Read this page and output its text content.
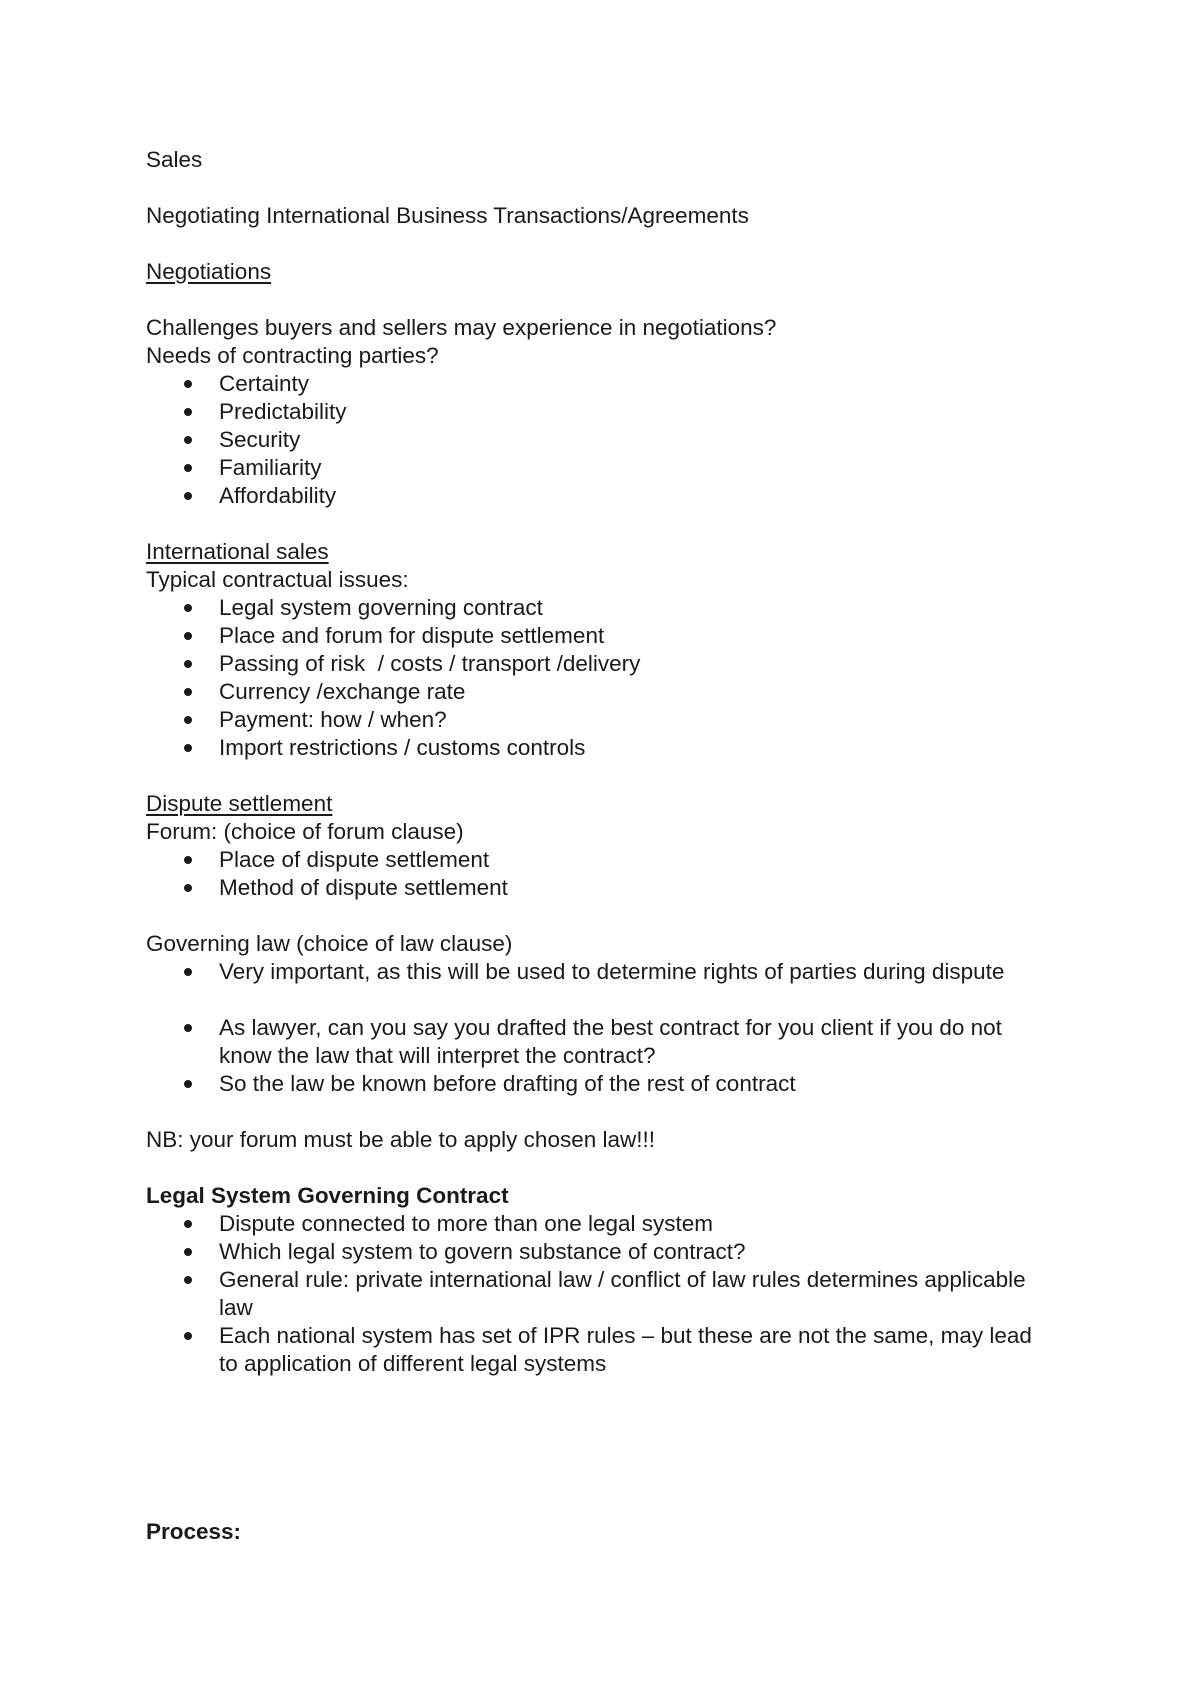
Sales
Negotiating International Business Transactions/Agreements
Negotiations
Challenges buyers and sellers may experience in negotiations?
Needs of contracting parties?
Certainty
Predictability
Security
Familiarity
Affordability
International sales
Typical contractual issues:
Legal system governing contract
Place and forum for dispute settlement
Passing of risk  / costs / transport /delivery
Currency /exchange rate
Payment: how / when?
Import restrictions / customs controls
Dispute settlement
Forum: (choice of forum clause)
Place of dispute settlement
Method of dispute settlement
Governing law (choice of law clause)
Very important, as this will be used to determine rights of parties during dispute
As lawyer, can you say you drafted the best contract for you client if you do not know the law that will interpret the contract?
So the law be known before drafting of the rest of contract
NB: your forum must be able to apply chosen law!!!
Legal System Governing Contract
Dispute connected to more than one legal system
Which legal system to govern substance of contract?
General rule: private international law / conflict of law rules determines applicable law
Each national system has set of IPR rules – but these are not the same, may lead to application of different legal systems
Process:
